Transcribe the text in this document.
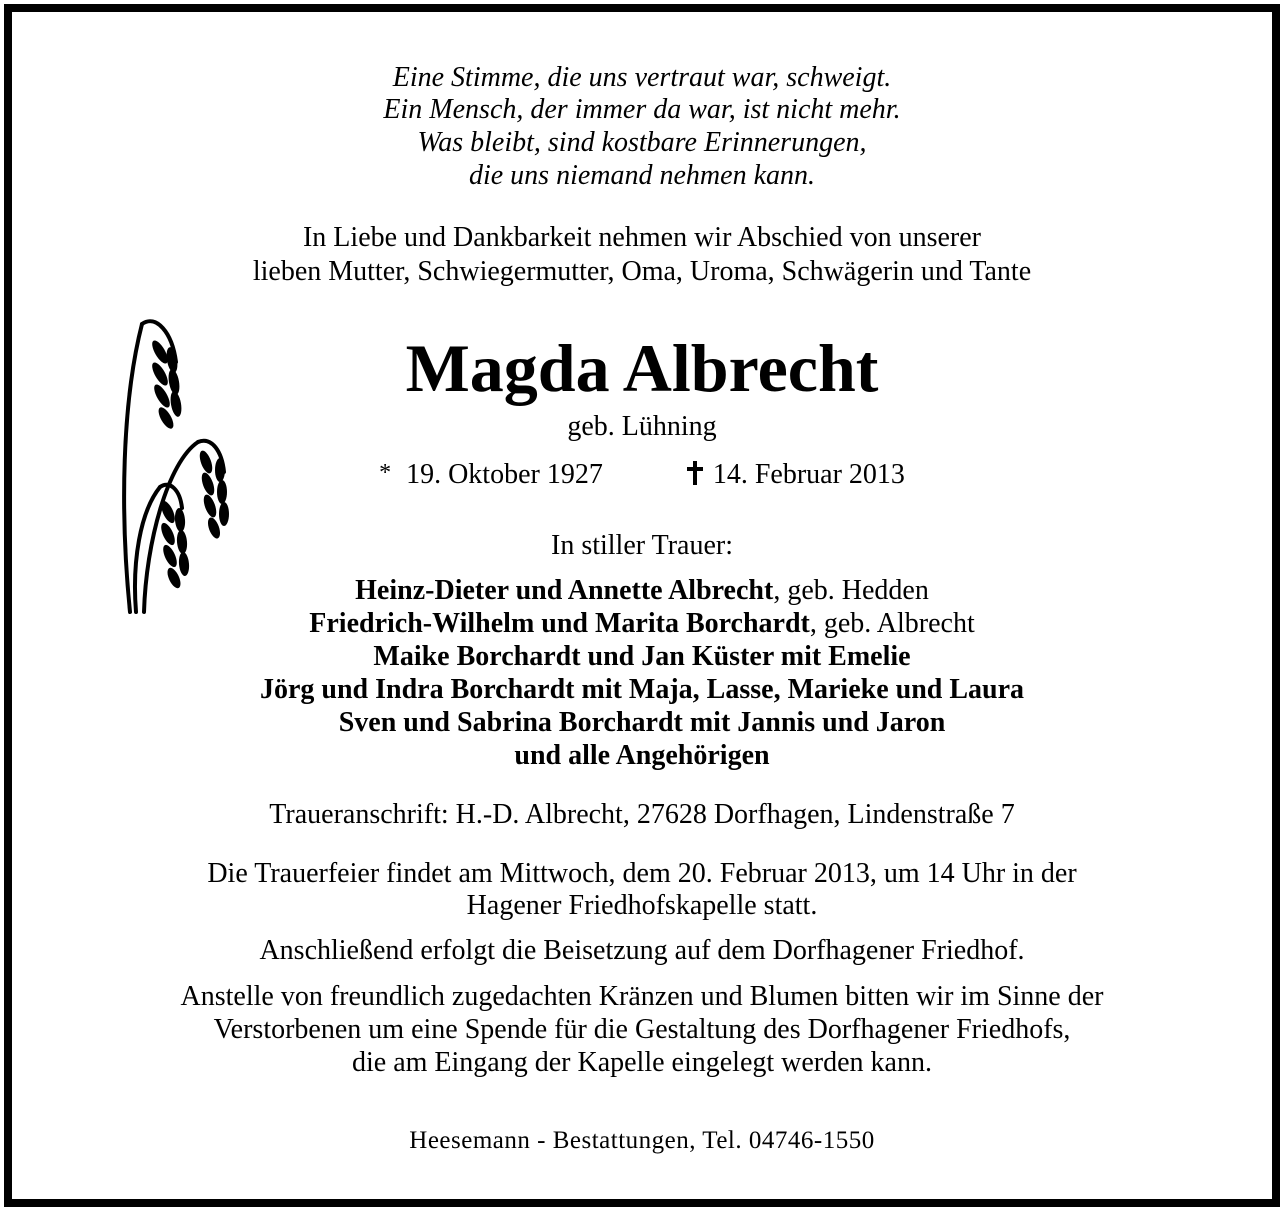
Eine Stimme, die uns vertraut war, schweigt.
Ein Mensch, der immer da war, ist nicht mehr.
Was bleibt, sind kostbare Erinnerungen,
die uns niemand nehmen kann.
In Liebe und Dankbarkeit nehmen wir Abschied von unserer
lieben Mutter, Schwiegermutter, Oma, Uroma, Schwägerin und Tante
Magda Albrecht
geb. Lühning
* 19. Oktober 1927	14. Februar 2013
In stiller Trauer:
Heinz-Dieter und Annette Albrecht, geb. Hedden
Friedrich-Wilhelm und Marita Borchardt, geb. Albrecht
Maike Borchardt und Jan Küster mit Emelie
Jörg und Indra Borchardt mit Maja, Lasse, Marieke und Laura
Sven und Sabrina Borchardt mit Jannis und Jaron
und alle Angehörigen
Traueranschrift: H.-D. Albrecht, 27628 Dorfhagen, Lindenstraße 7
Die Trauerfeier findet am Mittwoch, dem 20. Februar 2013, um 14 Uhr in der
Hagener Friedhofskapelle statt.
Anschließend erfolgt die Beisetzung auf dem Dorfhagener Friedhof.
Anstelle von freundlich zugedachten Kränzen und Blumen bitten wir im Sinne der
Verstorbenen um eine Spende für die Gestaltung des Dorfhagener Friedhofs,
die am Eingang der Kapelle eingelegt werden kann.
Heesemann - Bestattungen, Tel. 04746-1550
